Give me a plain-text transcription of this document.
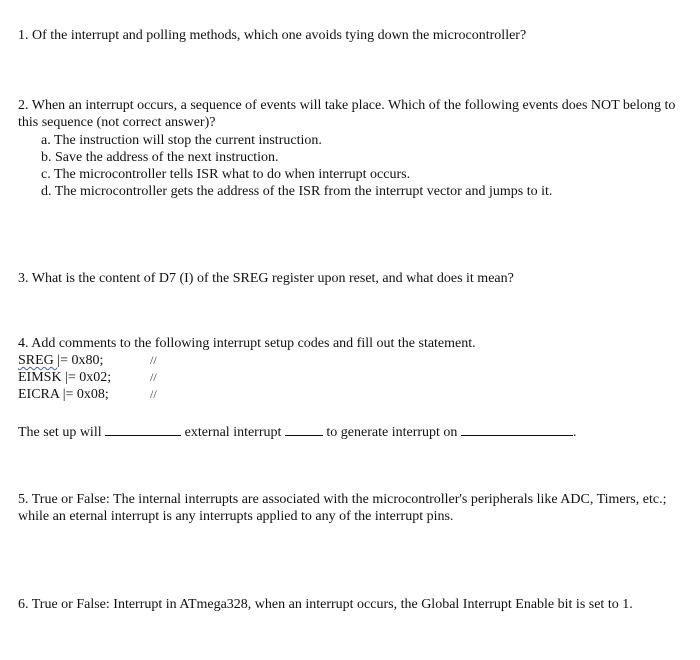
1. Of the interrupt and polling methods, which one avoids tying down the microcontroller?
2. When an interrupt occurs, a sequence of events will take place. Which of the following events does NOT belong to this sequence (not correct answer)?
a. The instruction will stop the current instruction.
b. Save the address of the next instruction.
c. The microcontroller tells ISR what to do when interrupt occurs.
d. The microcontroller gets the address of the ISR from the interrupt vector and jumps to it.
3. What is the content of D7 (I) of the SREG register upon reset, and what does it mean?
4. Add comments to the following interrupt setup codes and fill out the statement.
SREG |= 0x80;	//
EIMSK |= 0x02;	//
EICRA |= 0x08;	//
The set up will	external interrupt	to generate interrupt on	.
5. True or False: The internal interrupts are associated with the microcontroller's peripherals like ADC, Timers, etc.; while an eternal interrupt is any interrupts applied to any of the interrupt pins.
6. True or False: Interrupt in ATmega328, when an interrupt occurs, the Global Interrupt Enable bit is set to 1.
